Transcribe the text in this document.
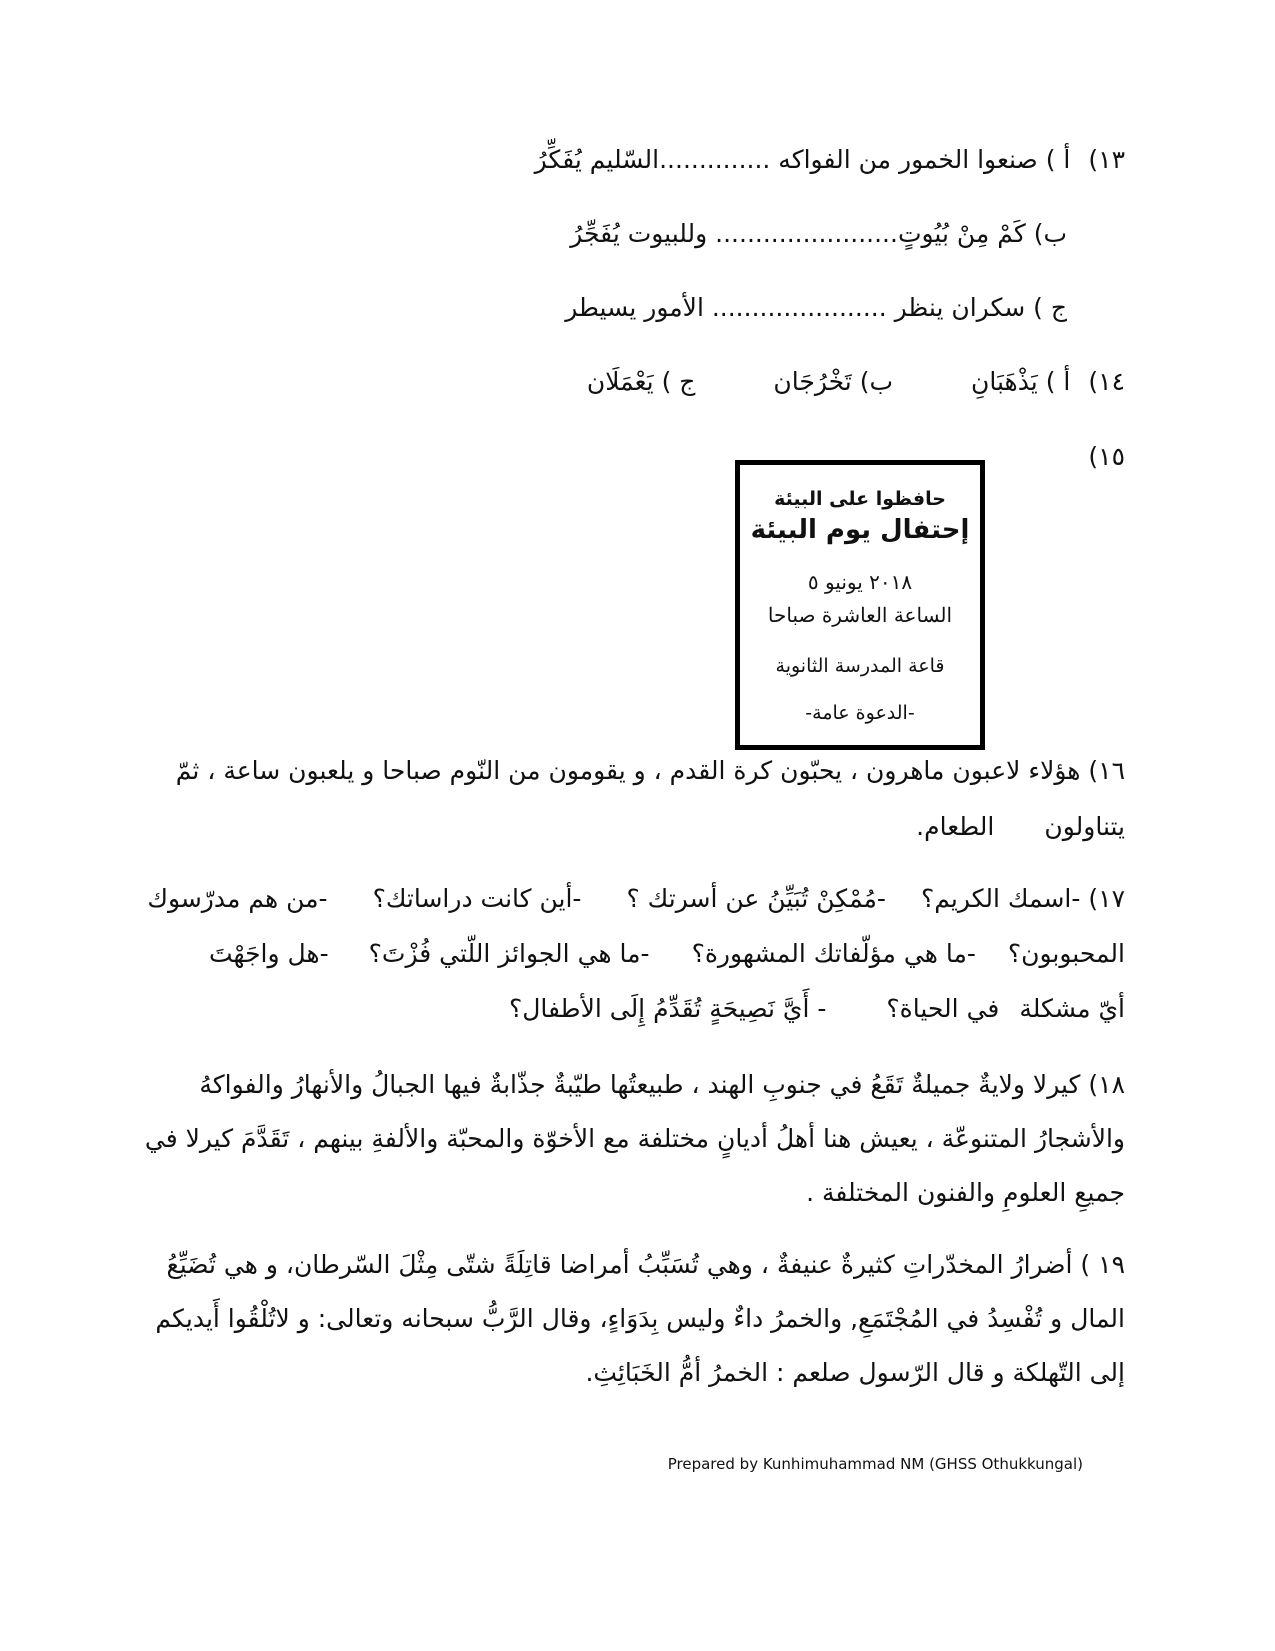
١٣)أ ) صنعوا الخمور من الفواكه ..............السّليم يُفَكِّرُ
ب) كَمْ مِنْ بُيُوتٍ....................... وللبيوت يُفَجِّرُ
ج ) سكران ينظر ...................... الأمور يسيطر
١٤)أ ) يَذْهَبَانِب) تَخْرُجَانج ) يَعْمَلَان
١٥)
حافظوا على البيئة
إحتفال يوم البيئة
٢٠١٨ يونيو ٥
الساعة العاشرة صباحا
قاعة المدرسة الثانوية
-الدعوة عامة-
١٦) هؤلاء لاعبون ماهرون ، يحبّون كرة القدم ، و يقومون من النّوم صباحا و يلعبون ساعة ، ثمّ
يتناولونالطعام.
١٧)-اسمك الكريم؟-مُمْكِنْ تُبَيِّنُ عن أسرتك ؟-أين كانت دراساتك؟-من هم مدرّسوك
المحبوبون؟-ما هي مؤلّفاتك المشهورة؟-ما هي الجوائز اللّتي فُزْتَ؟-هل واجَهْتَ
أيّ مشكلةفي الحياة؟- أَيَّ نَصِيحَةٍ تُقَدِّمُ إِلَى الأطفال؟
١٨) كيرلا ولايةٌ جميلةٌ تَقَعُ في جنوبِ الهند ، طبيعتُها طيّبةٌ جذّابةٌ فيها الجبالُ والأنهارُ والفواكهُ
والأشجارُ المتنوعّة ، يعيش هنا أهلُ أديانٍ مختلفة مع الأخوّة والمحبّة والألفةِ بينهم ، تَقَدَّمَ كيرلا في
جميعِ العلومِ والفنون المختلفة .
١٩ ) أضرارُ المخدّراتِ كثيرةٌ عنيفةٌ ، وهي تُسَبِّبُ أمراضا قاتِلَةً شتّى مِثْلَ السّرطان، و هي تُضَيِّعُ
المال و تُفْسِدُ في المُجْتَمَعِ, والخمرُ داءٌ وليس بِدَوَاءٍ، وقال الرَّبُّ سبحانه وتعالى: و لاتُلْقُوا أَيديكم
إلى التّهلكة و قال الرّسول صلعم : الخمرُ أمُّ الخَبَائِثِ.
Prepared by Kunhimuhammad NM (GHSS Othukkungal)
